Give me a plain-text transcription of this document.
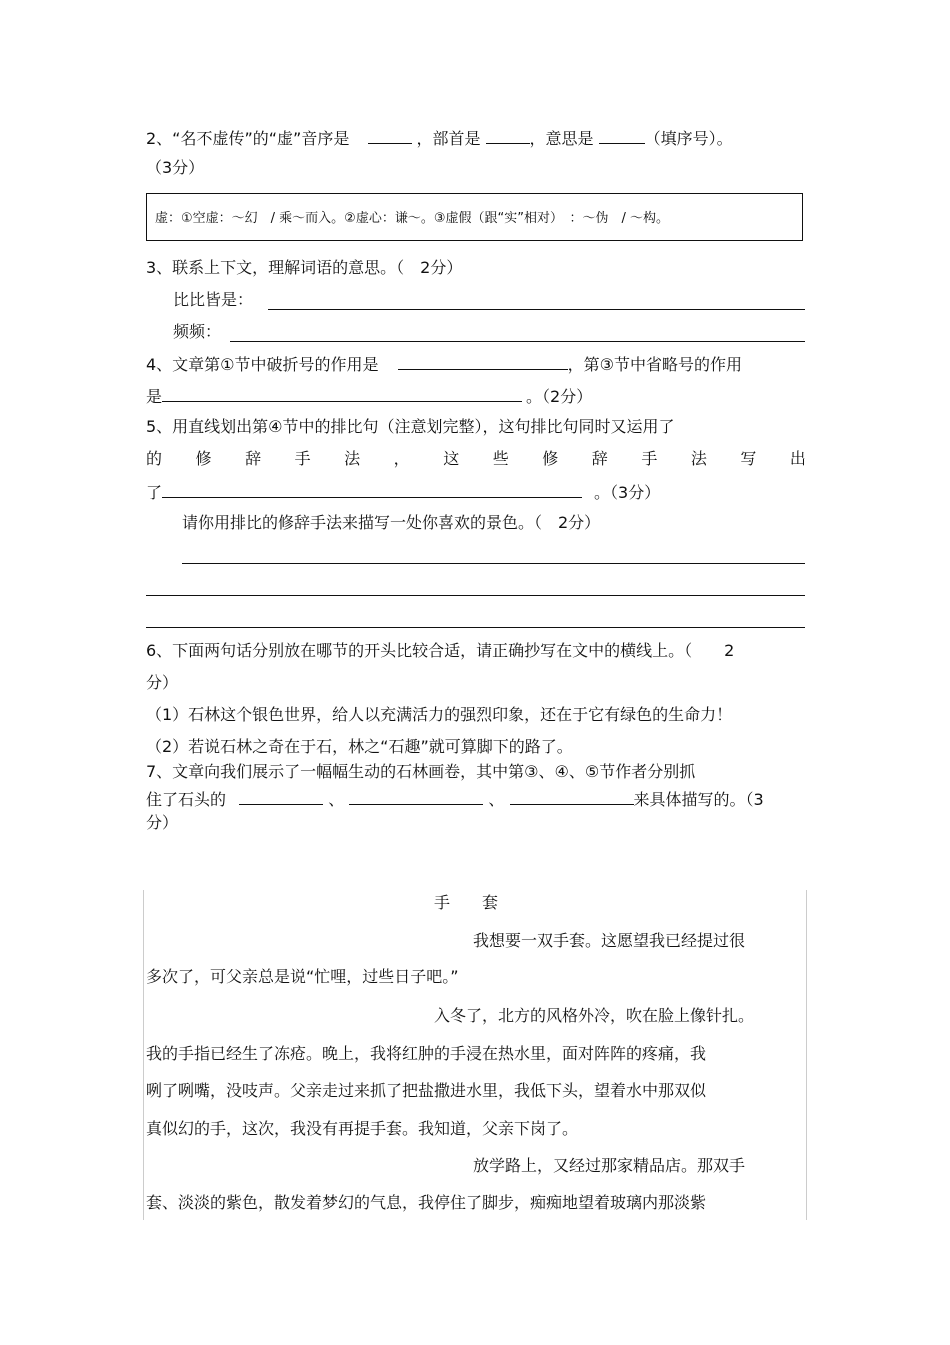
2、“名不虚传”的“虚”音序是	，部首是	，意思是	（填序号）。
（3分）
虚：①空虚：～幻　/ 乘～而入。②虚心：谦～。③虚假（跟“实”相对）　：～伪　/ ～构。
3、联系上下文，理解词语的意思。（　2分）
比比皆是：
频频：
4、文章第①节中破折号的作用是	，第③节中省略号的作用
是	。（2分）
5、用直线划出第④节中的排比句（注意划完整），这句排比句同时又运用了
的 修 辞 手 法 ， 这 些 修 辞 手 法 写 出
了	。（3分）
请你用排比的修辞手法来描写一处你喜欢的景色。（　2分）
6、下面两句话分别放在哪节的开头比较合适，请正确抄写在文中的横线上。（　　2
分）
（1）石林这个银色世界，给人以充满活力的强烈印象，还在于它有绿色的生命力！
（2）若说石林之奇在于石，林之“石趣”就可算脚下的路了。
7、文章向我们展示了一幅幅生动的石林画卷，其中第③、④、⑤节作者分别抓
住了石头的	、	、	来具体描写的。（3
分）
手　　套
我想要一双手套。这愿望我已经提过很
多次了，可父亲总是说“忙哩，过些日子吧。”
入冬了，北方的风格外冷，吹在脸上像针扎。
我的手指已经生了冻疮。晚上，我将红肿的手浸在热水里，面对阵阵的疼痛，我
咧了咧嘴，没吱声。父亲走过来抓了把盐撒进水里，我低下头，望着水中那双似
真似幻的手，这次，我没有再提手套。我知道，父亲下岗了。
放学路上，又经过那家精品店。那双手
套、淡淡的紫色，散发着梦幻的气息，我停住了脚步，痴痴地望着玻璃内那淡紫
